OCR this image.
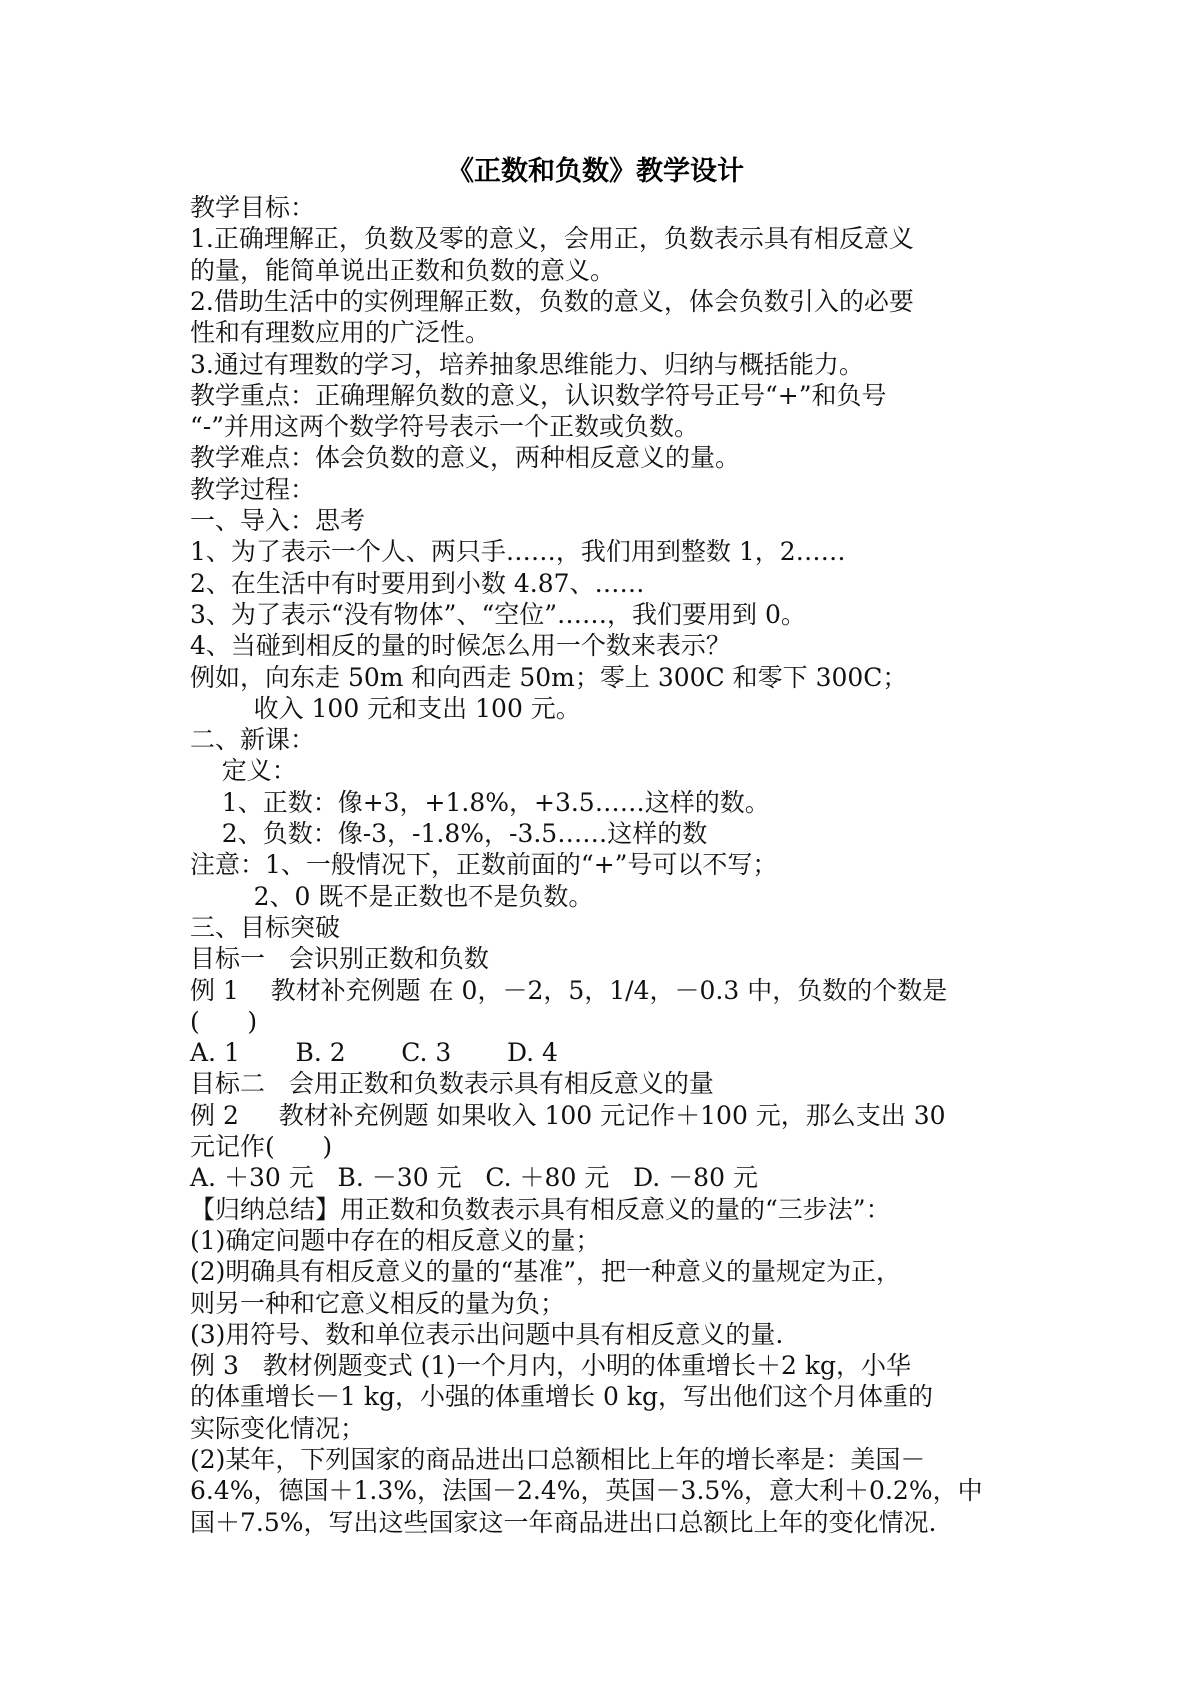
《正数和负数》教学设计
教学目标：
1.正确理解正，负数及零的意义，会用正，负数表示具有相反意义
的量，能简单说出正数和负数的意义。
2.借助生活中的实例理解正数，负数的意义，体会负数引入的必要
性和有理数应用的广泛性。
3.通过有理数的学习，培养抽象思维能力、归纳与概括能力。
教学重点：正确理解负数的意义，认识数学符号正号“+”和负号
“-”并用这两个数学符号表示一个正数或负数。
教学难点：体会负数的意义，两种相反意义的量。
教学过程：
一、导入：思考
1、为了表示一个人、两只手……，我们用到整数 1，2……
2、在生活中有时要用到小数 4.87、……
3、为了表示“没有物体”、“空位”……，我们要用到 0。
4、当碰到相反的量的时候怎么用一个数来表示？
例如，向东走 50m 和向西走 50m；零上 300C 和零下 300C；
收入 100 元和支出 100 元。
二、新课：
定义：
1、正数：像+3，+1.8%，+3.5……这样的数。
2、负数：像-3，-1.8%，-3.5……这样的数
注意：1、一般情况下，正数前面的“+”号可以不写；
2、0 既不是正数也不是负数。
三、目标突破
目标一   会识别正数和负数
例 1    教材补充例题 在 0，－2，5，1/4，－0.3 中，负数的个数是
(      )
A. 1       B. 2       C. 3       D. 4
目标二   会用正数和负数表示具有相反意义的量
例 2     教材补充例题 如果收入 100 元记作＋100 元，那么支出 30
元记作(      )
A. ＋30 元   B. －30 元   C. ＋80 元   D. －80 元
【归纳总结】用正数和负数表示具有相反意义的量的“三步法”：
(1)确定问题中存在的相反意义的量；
(2)明确具有相反意义的量的“基准”，把一种意义的量规定为正，
则另一种和它意义相反的量为负；
(3)用符号、数和单位表示出问题中具有相反意义的量.
例 3   教材例题变式 (1)一个月内，小明的体重增长＋2 kg，小华
的体重增长－1 kg，小强的体重增长 0 kg，写出他们这个月体重的
实际变化情况；
(2)某年，下列国家的商品进出口总额相比上年的增长率是：美国－
6.4%，德国＋1.3%，法国－2.4%，英国－3.5%，意大利＋0.2%，中
国＋7.5%，写出这些国家这一年商品进出口总额比上年的变化情况.
